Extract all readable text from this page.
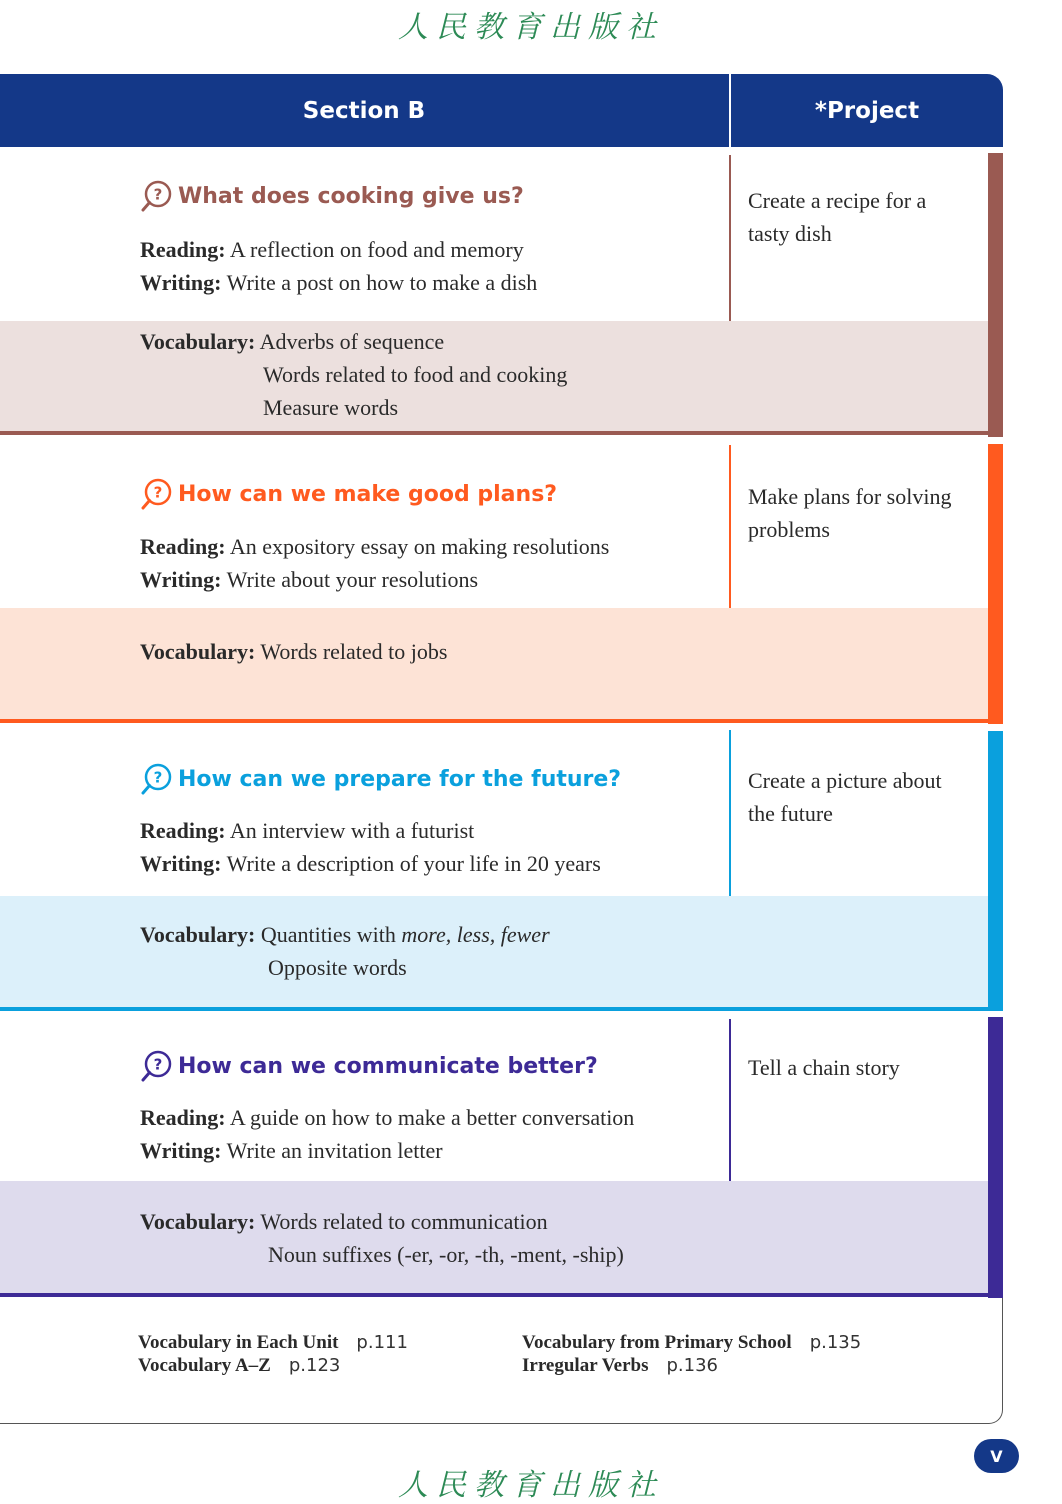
人民教育出版社
Section B	*Project
? What does cooking give us?
Reading: A reflection on food and memory
Writing: Write a post on how to make a dish
Create a recipe for a tasty dish
Vocabulary: Adverbs of sequence
Words related to food and cooking
Measure words
? How can we make good plans?
Reading: An expository essay on making resolutions
Writing: Write about your resolutions
Make plans for solving problems
Vocabulary: Words related to jobs
? How can we prepare for the future?
Reading: An interview with a futurist
Writing: Write a description of your life in 20 years
Create a picture about the future
Vocabulary: Quantities with more, less, fewer
Opposite words
? How can we communicate better?
Reading: A guide on how to make a better conversation
Writing: Write an invitation letter
Tell a chain story
Vocabulary: Words related to communication
Noun suffixes (-er, -or, -th, -ment, -ship)
Vocabulary in Each Unit p.111
Vocabulary A–Z p.123
Vocabulary from Primary School p.135
Irregular Verbs p.136
V
人民教育出版社
